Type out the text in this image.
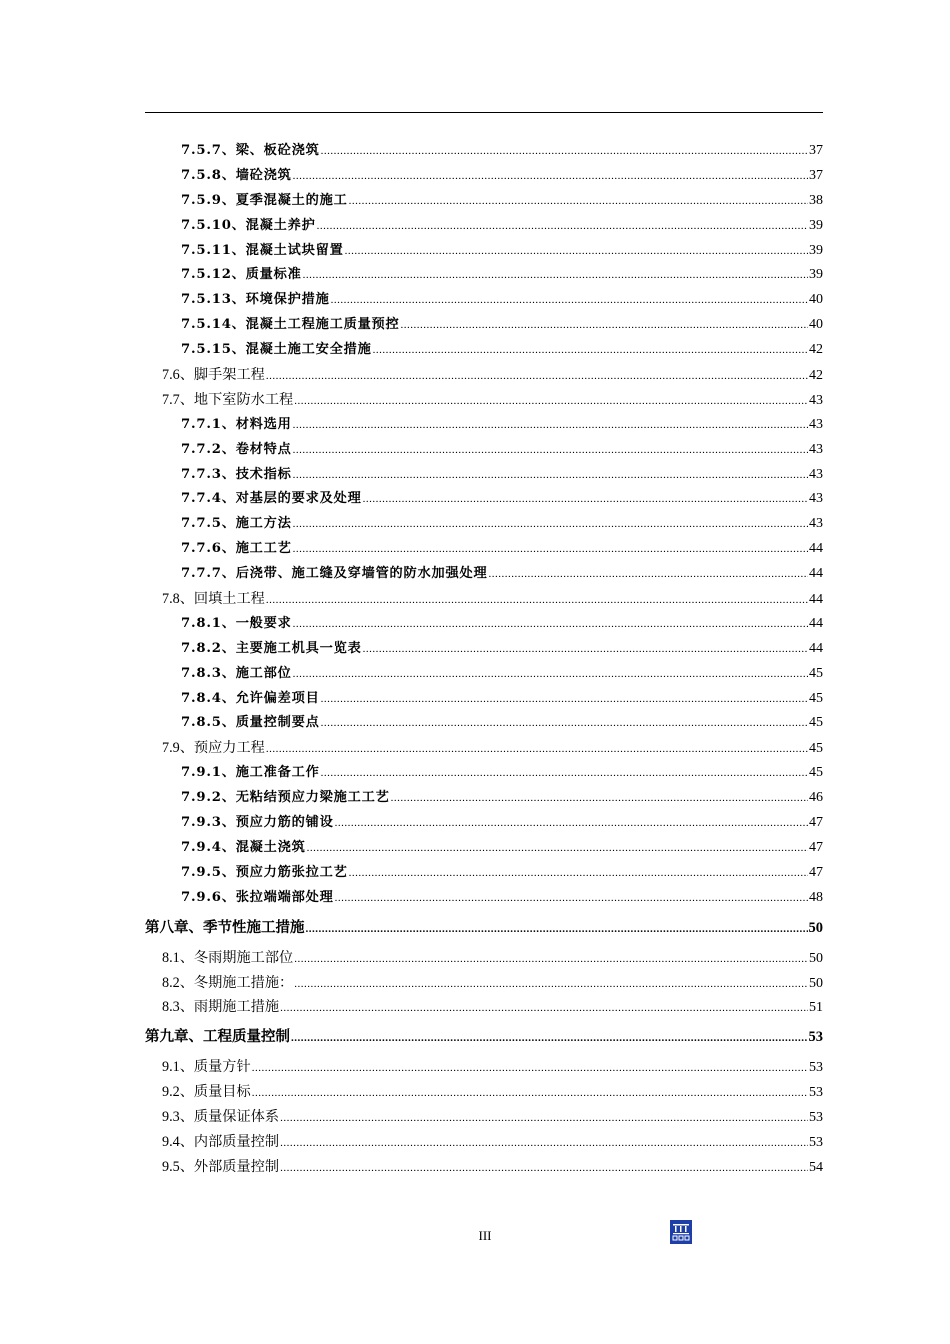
7.5.7、梁、板砼浇筑 .....	37
7.5.8、墙砼浇筑 .....	37
7.5.9、夏季混凝土的施工 .....	38
7.5.10、混凝土养护 .....	39
7.5.11、混凝土试块留置 .....	39
7.5.12、质量标准 .....	39
7.5.13、环境保护措施 .....	40
7.5.14、混凝土工程施工质量预控 .....	40
7.5.15、混凝土施工安全措施 .....	42
7.6、脚手架工程 .....	42
7.7、地下室防水工程 .....	43
7.7.1、材料选用 .....	43
7.7.2、卷材特点 .....	43
7.7.3、技术指标 .....	43
7.7.4、对基层的要求及处理 .....	43
7.7.5、施工方法 .....	43
7.7.6、施工工艺 .....	44
7.7.7、后浇带、施工缝及穿墙管的防水加强处理 .....	44
7.8、回填土工程 .....	44
7.8.1、一般要求 .....	44
7.8.2、主要施工机具一览表 .....	44
7.8.3、施工部位 .....	45
7.8.4、允许偏差项目 .....	45
7.8.5、质量控制要点 .....	45
7.9、预应力工程 .....	45
7.9.1、施工准备工作 .....	45
7.9.2、无粘结预应力梁施工工艺 .....	46
7.9.3、预应力筋的铺设 .....	47
7.9.4、混凝土浇筑 .....	47
7.9.5、预应力筋张拉工艺 .....	47
7.9.6、张拉端端部处理 .....	48
第八章、季节性施工措施 .....	50
8.1、冬雨期施工部位 .....	50
8.2、冬期施工措施： .....	50
8.3、雨期施工措施 .....	51
第九章、工程质量控制 .....	53
9.1、质量方针 .....	53
9.2、质量目标 .....	53
9.3、质量保证体系 .....	53
9.4、内部质量控制 .....	53
9.5、外部质量控制 .....	54
III
